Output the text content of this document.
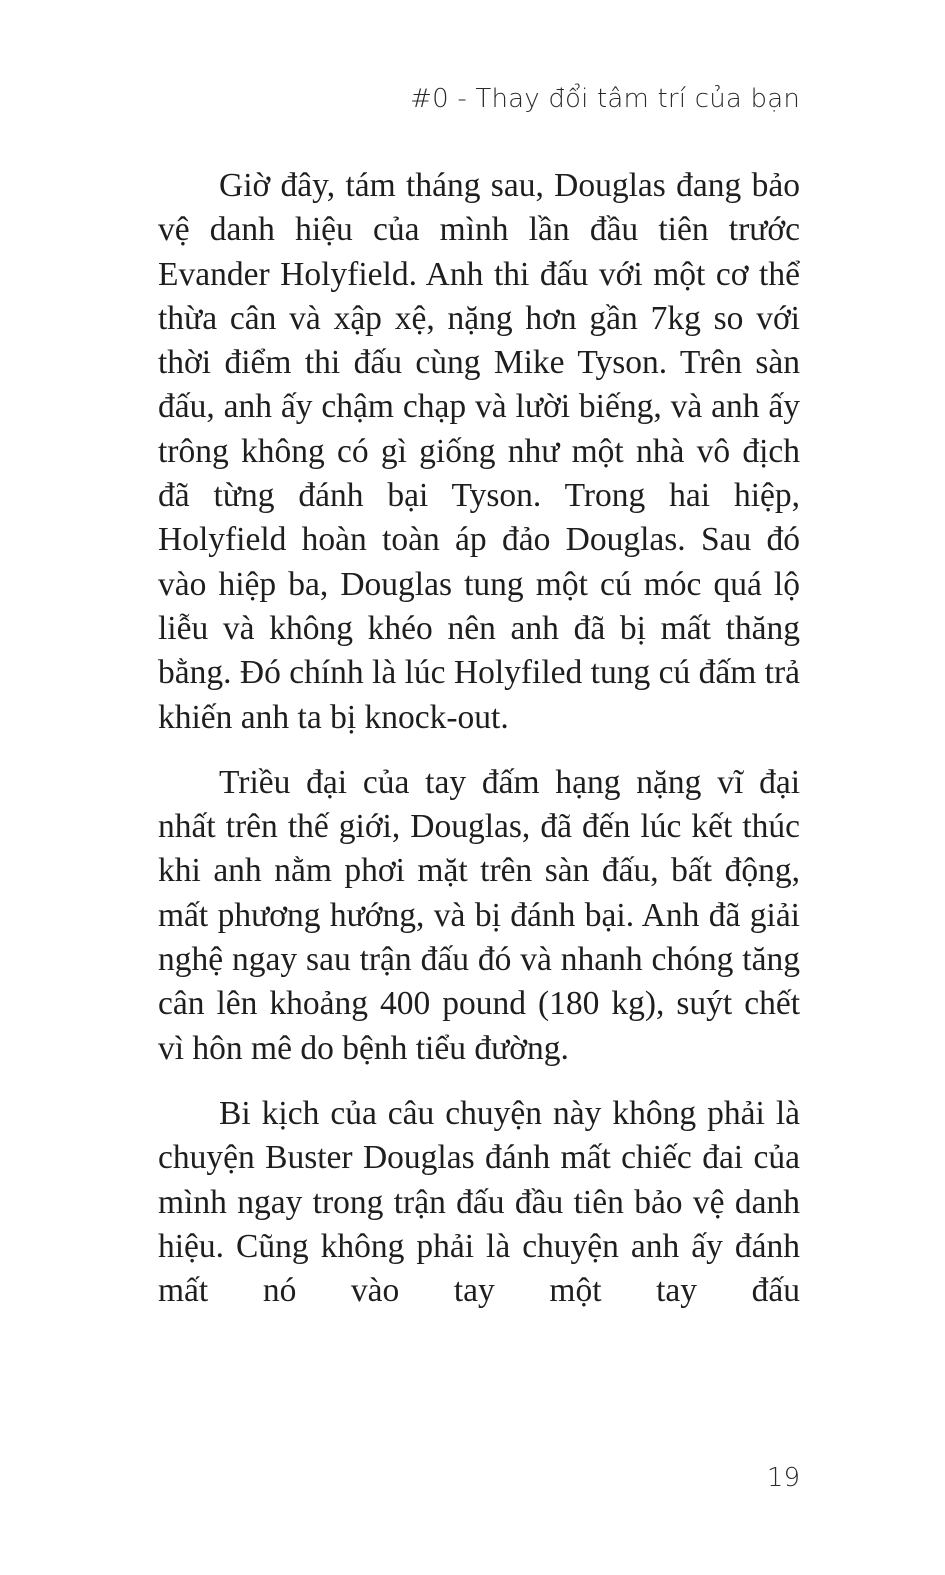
#0 - Thay đổi tâm trí của bạn

Giờ đây, tám tháng sau, Douglas đang bảo vệ danh hiệu của mình lần đầu tiên trước Evander Holyfield. Anh thi đấu với một cơ thể thừa cân và xập xệ, nặng hơn gần 7kg so với thời điểm thi đấu cùng Mike Tyson. Trên sàn đấu, anh ấy chậm chạp và lười biếng, và anh ấy trông không có gì giống như một nhà vô địch đã từng đánh bại Tyson. Trong hai hiệp, Holyfield hoàn toàn áp đảo Douglas. Sau đó vào hiệp ba, Douglas tung một cú móc quá lộ liễu và không khéo nên anh đã bị mất thăng bằng. Đó chính là lúc Holyfiled tung cú đấm trả khiến anh ta bị knock-out.

Triều đại của tay đấm hạng nặng vĩ đại nhất trên thế giới, Douglas, đã đến lúc kết thúc khi anh nằm phơi mặt trên sàn đấu, bất động, mất phương hướng, và bị đánh bại. Anh đã giải nghệ ngay sau trận đấu đó và nhanh chóng tăng cân lên khoảng 400 pound (180 kg), suýt chết vì hôn mê do bệnh tiểu đường.

Bi kịch của câu chuyện này không phải là chuyện Buster Douglas đánh mất chiếc đai của mình ngay trong trận đấu đầu tiên bảo vệ danh hiệu. Cũng không phải là chuyện anh ấy đánh mất nó vào tay một tay đấu

19
